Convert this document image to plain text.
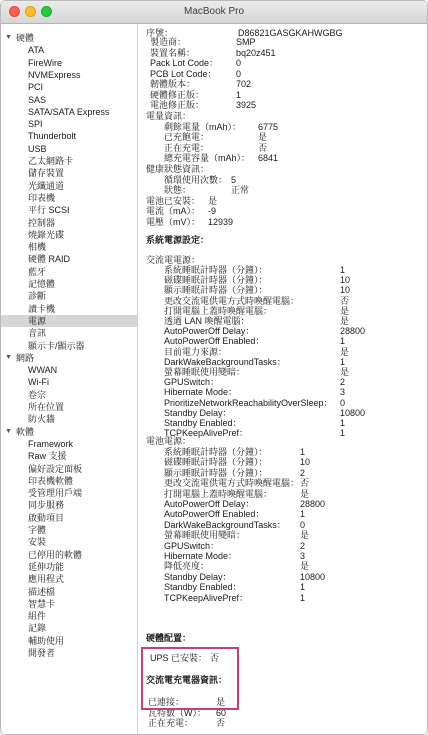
MacBook Pro
▼ 硬體
ATA
FireWire
NVMExpress
PCI
SAS
SATA/SATA Express
SPI
Thunderbolt
USB
乙太網路卡
儲存裝置
光纖通道
印表機
平行 SCSI
控制器
燒錄光碟
相機
硬體 RAID
藍牙
記憶體
診斷
讀卡機
電源
音訊
顯示卡/顯示器
▼ 網路
WWAN
Wi-Fi
卷宗
所在位置
防火牆
▼ 軟體
Framework
Raw 支援
偏好設定面板
印表機軟體
受管理用戶端
同步服務
啟動項目
字體
安裝
已停用的軟體
延伸功能
應用程式
描述檔
智慧卡
組件
記錄
輔助使用
開發者
序號：	D86821GASGKAHWGBG
製造商：	SMP
裝置名稱：	bq20z451
Pack Lot Code： 0
PCB Lot Code： 0
韌體版本：	702
硬體修正版：	1
電池修正版：	3925
電量資訊：
剩餘電量（mAh）： 6775
已充飽電：	是
正在充電：	否
總充電容量（mAh）： 6841
健康狀態資訊：
循環使用次數： 5
狀態：	正常
電池已安裝： 是
電流（mA）： -9
電壓（mV）： 12939
系統電源設定：
交流電電源：
系統睡眠計時器（分鐘）：	1
磁碟睡眠計時器（分鐘）：	10
顯示睡眠計時器（分鐘）：	10
更改交流電供電方式時喚醒電腦：	否
打開電腦上蓋時喚醒電腦：	是
透過 LAN 喚醒電腦：	是
AutoPowerOff Delay：	28800
AutoPowerOff Enabled：	1
目前電力來源：	是
DarkWakeBackgroundTasks：	1
螢幕睡眠使用變暗：	是
GPUSwitch：	2
Hibernate Mode：	3
PrioritizeNetworkReachabilityOverSleep： 0
Standby Delay：	10800
Standby Enabled：	1
TCPKeepAlivePref：	1
電池電源：
系統睡眠計時器（分鐘）：	1
磁碟睡眠計時器（分鐘）：	10
顯示睡眠計時器（分鐘）：	2
更改交流電供電方式時喚醒電腦： 否
打開電腦上蓋時喚醒電腦：	是
AutoPowerOff Delay：	28800
AutoPowerOff Enabled：	1
DarkWakeBackgroundTasks： 0
螢幕睡眠使用變暗：	是
GPUSwitch：	2
Hibernate Mode：	3
降低亮度：	是
Standby Delay：	10800
Standby Enabled：	1
TCPKeepAlivePref：	1
硬體配置：
UPS 已安裝： 否
交流電充電器資訊：
已連接：	是
瓦特數（W）： 60
正在充電：	否
